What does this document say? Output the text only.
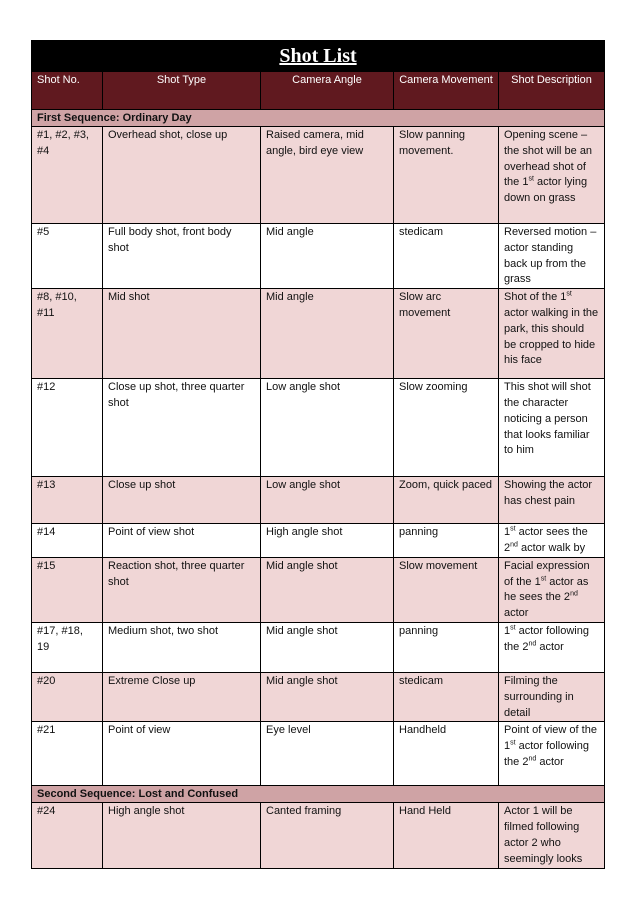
Shot List				
Shot No.	Shot Type	Camera Angle	Camera Movement	Shot Description
First Sequence: Ordinary Day				
#1, #2, #3, #4	Overhead shot, close up	Raised camera, mid angle, bird eye view	Slow panning movement.	Opening scene – the shot will be an overhead shot of the 1st actor lying down on grass
#5	Full body shot, front body shot	Mid angle	stedicam	Reversed motion – actor standing back up from the grass
#8, #10, #11	Mid shot	Mid angle	Slow arc movement	Shot of the 1st actor walking in the park, this should be cropped to hide his face
#12	Close up shot, three quarter shot	Low angle shot	Slow zooming	This shot will shot the character noticing a person that looks familiar to him
#13	Close up shot	Low angle shot	Zoom, quick paced	Showing the actor has chest pain
#14	Point of view shot	High angle shot	panning	1st actor sees the 2nd actor walk by
#15	Reaction shot, three quarter shot	Mid angle shot	Slow movement	Facial expression of the 1st actor as he sees the 2nd actor
#17, #18, 19	Medium shot, two shot	Mid angle shot	panning	1st actor following the 2nd actor
#20	Extreme Close up	Mid angle shot	stedicam	Filming the surrounding in detail
#21	Point of view	Eye level	Handheld	Point of view of the 1st actor following the 2nd actor
Second Sequence: Lost and Confused				
#24	High angle shot	Canted framing	Hand Held	Actor 1 will be filmed following actor 2 who seemingly looks
